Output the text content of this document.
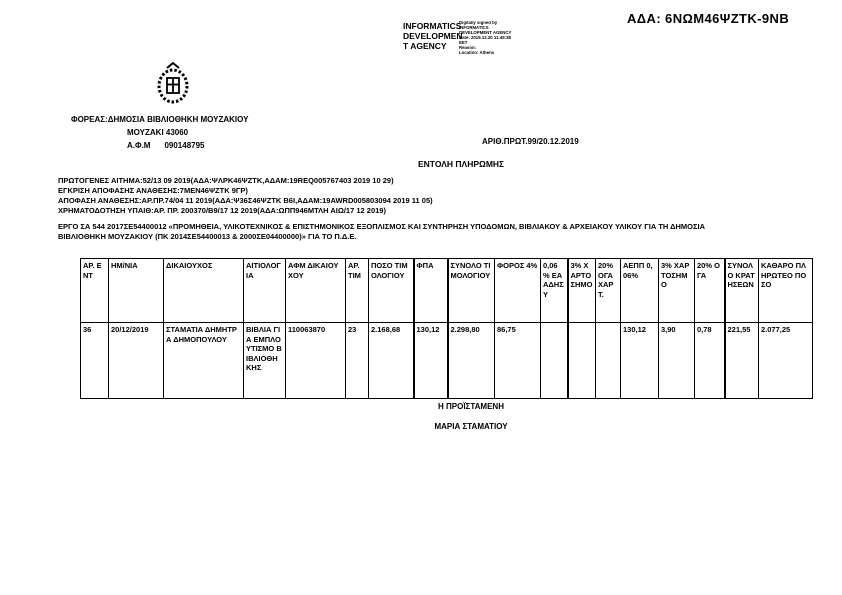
ΑΔΑ: 6ΝΩΜ46ΨΖΤΚ-9ΝΒ
INFORMATICS
DEVELOPMEN
T AGENCY
Digitally signed by
INFORMATICS
DEVELOPMENT AGENCY
Date: 2019.12.20 11:45:38
EET
Reason:
Location: Athens
ΦΟΡΕΑΣ:ΔΗΜΟΣΙΑ ΒΙΒΛΙΟΘΗΚΗ ΜΟΥΖΑΚΙΟΥ
ΜΟΥΖΑΚΙ 43060
Α.Φ.Μ 090148795	ΑΡΙΘ.ΠΡΩΤ.99/20.12.2019
ΕΝΤΟΛΗ ΠΛΗΡΩΜΗΣ
ΠΡΩΤΟΓΕΝΕΣ ΑΙΤΗΜΑ:52/13 09 2019(ΑΔΑ:ΨΛΡΚ46ΨΖΤΚ,ΑΔΑΜ:19REQ005767403 2019 10 29)
ΕΓΚΡΙΣΗ ΑΠΟΦΑΣΗΣ ΑΝΑΘΕΣΗΣ:7ΜΕΝ46ΨΖΤΚ 9ΓΡ)
ΑΠΟΦΑΣΗ ΑΝΑΘΕΣΗΣ:ΑΡ.ΠΡ.74/04 11 2019(ΑΔΑ:Ψ36Σ46ΨΖΤΚ Β6Ι,ΑΔΑΜ:19AWRD005803094 2019 11 05)
ΧΡΗΜΑΤΟΔΟΤΗΣΗ ΥΠΑΙΘ:ΑΡ. ΠΡ. 200370/Β9/17 12 2019(ΑΔΑ:ΩΠΠ946ΜΤΛΗ ΑΙΩ/17 12 2019)
ΕΡΓΟ ΣΑ 544 2017ΣΕ54400012 «ΠΡΟΜΗΘΕΙΑ, ΥΛΙΚΟΤΕΧΝΙΚΟΣ & ΕΠΙΣΤΗΜΟΝΙΚΟΣ ΕΞΟΠΛΙΣΜΟΣ ΚΑΙ ΣΥΝΤΗΡΗΣΗ ΥΠΟΔΟΜΩΝ, ΒΙΒΛΙΑΚΟΥ & ΑΡΧΕΙΑΚΟΥ ΥΛΙΚΟΥ ΓΙΑ ΤΗ ΔΗΜΟΣΙΑ
ΒΙΒΛΙΟΘΗΚΗ ΜΟΥΖΑΚΙΟΥ (ΠΚ 2014ΣΕ54400013 & 2000ΣΕ04400000)» ΓΙΑ ΤΟ Π.Δ.Ε.
ΑΡ. ΕΝΤ	ΗΜ/ΝΙΑ	ΔΙΚΑΙΟΥΧΟΣ	ΑΙΤΙΟΛΟΓΙΑ	ΑΦΜ ΔΙΚΑΙΟΥΧΟΥ	ΑΡ. ΤΙΜ	ΠΟΣΟ ΤΙΜΟΛΟΓΙΟΥ	ΦΠΑ	ΣΥΝΟΛΟ ΤΙΜΟΛΟΓΙΟΥ	ΦΟΡΟΣ 4%	0,06 % ΕΑΑΔΗΣΥ	3% ΧΑΡΤΟΣΗΜΟ	20% ΟΓΑ ΧΑΡΤ.	ΑΕΠΠ 0,06%	3% ΧΑΡΤΟΣΗΜΟ	20% ΟΓΑ	ΣΥΝΟΛΟ ΚΡΑΤΗΣΕΩΝ	ΚΑΘΑΡΟ ΠΛΗΡΩΤΕΟ ΠΟΣΟ
36	20/12/2019	ΣΤΑΜΑΤΙΑ ΔΗΜΗΤΡΑ ΔΗΜΟΠΟΥΛΟΥ	ΒΙΒΛΙΑ ΓΙΑ ΕΜΠΛΟΥΤΙΣΜΟ ΒΙΒΛΙΟΘΗΚΗΣ	110063870	23	2.168,68	130,12	2.298,80	86,75				130,12	3,90	0,78	221,55	2.077,25
Η ΠΡΟΪΣΤΑΜΕΝΗ
ΜΑΡΙΑ ΣΤΑΜΑΤΙΟΥ
